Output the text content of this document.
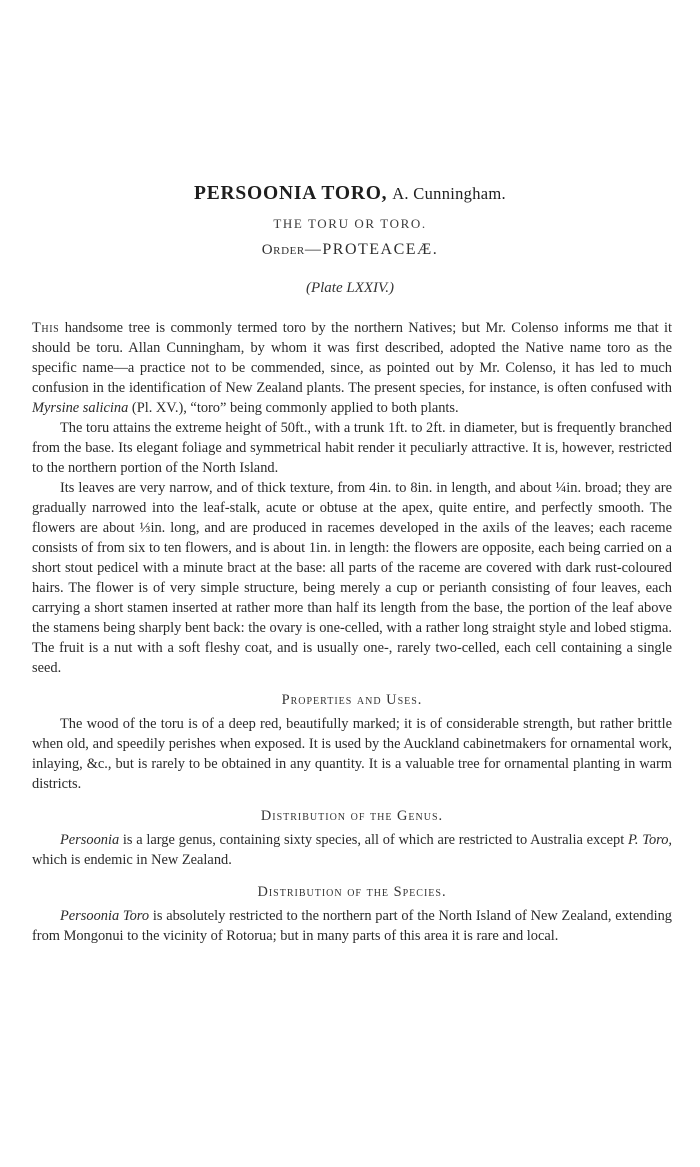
PERSOONIA TORO, A. Cunningham.
THE TORU OR TORO.
Order—PROTEACEÆ.
(Plate LXXIV.)

This handsome tree is commonly termed toro by the northern Natives; but Mr. Colenso informs me that it should be toru. Allan Cunningham, by whom it was first described, adopted the Native name toro as the specific name—a practice not to be commended, since, as pointed out by Mr. Colenso, it has led to much confusion in the identification of New Zealand plants. The present species, for instance, is often confused with Myrsine salicina (Pl. XV.), “toro” being commonly applied to both plants.

The toru attains the extreme height of 50ft., with a trunk 1ft. to 2ft. in diameter, but is frequently branched from the base. Its elegant foliage and symmetrical habit render it peculiarly attractive. It is, however, restricted to the northern portion of the North Island.

Its leaves are very narrow, and of thick texture, from 4in. to 8in. in length, and about ¼in. broad; they are gradually narrowed into the leaf-stalk, acute or obtuse at the apex, quite entire, and perfectly smooth. The flowers are about ⅓in. long, and are produced in racemes developed in the axils of the leaves; each raceme consists of from six to ten flowers, and is about 1in. in length: the flowers are opposite, each being carried on a short stout pedicel with a minute bract at the base: all parts of the raceme are covered with dark rust-coloured hairs. The flower is of very simple structure, being merely a cup or perianth consisting of four leaves, each carrying a short stamen inserted at rather more than half its length from the base, the portion of the leaf above the stamens being sharply bent back: the ovary is one-celled, with a rather long straight style and lobed stigma. The fruit is a nut with a soft fleshy coat, and is usually one-, rarely two-celled, each cell containing a single seed.

Properties and Uses.

The wood of the toru is of a deep red, beautifully marked; it is of considerable strength, but rather brittle when old, and speedily perishes when exposed. It is used by the Auckland cabinetmakers for ornamental work, inlaying, &c., but is rarely to be obtained in any quantity. It is a valuable tree for ornamental planting in warm districts.

Distribution of the Genus.

Persoonia is a large genus, containing sixty species, all of which are restricted to Australia except P. Toro, which is endemic in New Zealand.

Distribution of the Species.

Persoonia Toro is absolutely restricted to the northern part of the North Island of New Zealand, extending from Mongonui to the vicinity of Rotorua; but in many parts of this area it is rare and local.
